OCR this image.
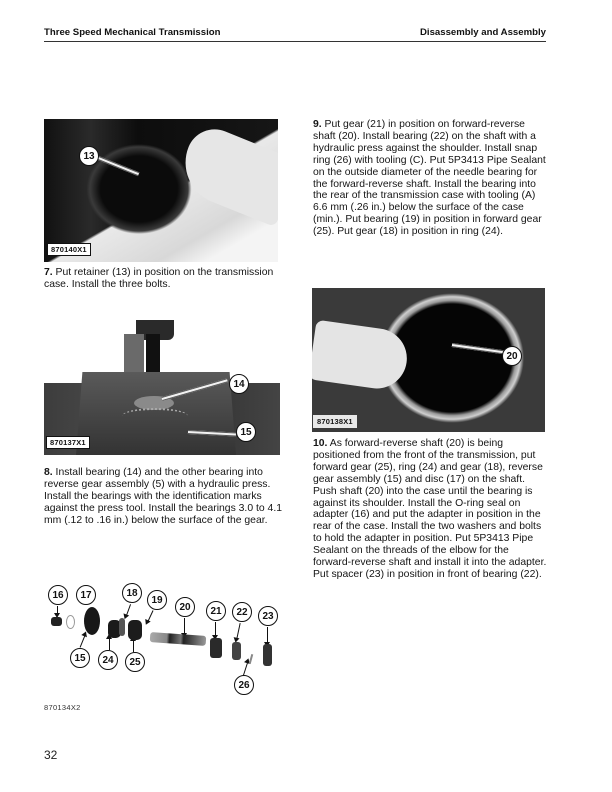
Three Speed Mechanical Transmission	Disassembly and Assembly
13
870140X1
7. Put retainer (13) in position on the transmission case. Install the three bolts.
14
15
870137X1
8. Install bearing (14) and the other bearing into reverse gear assembly (5) with a hydraulic press. Install the bearings with the identification marks against the press tool. Install the bearings 3.0 to 4.1 mm (.12 to .16 in.) below the surface of the gear.
16	17	18
19
20	21	22	23
15	24	25
26
870134X2
9. Put gear (21) in position on forward-reverse shaft (20). Install bearing (22) on the shaft with a hydraulic press against the shoulder. Install snap ring (26) with tooling (C). Put 5P3413 Pipe Sealant on the outside diameter of the needle bearing for the forward-reverse shaft. Install the bearing into the rear of the transmission case with tooling (A) 6.6 mm (.26 in.) below the surface of the case (min.). Put bearing (19) in position in forward gear (25). Put gear (18) in position in ring (24).
20
870138X1
10. As forward-reverse shaft (20) is being positioned from the front of the transmission, put forward gear (25), ring (24) and gear (18), reverse gear assembly (15) and disc (17) on the shaft. Push shaft (20) into the case until the bearing is against its shoulder. Install the O-ring seal on adapter (16) and put the adapter in position in the rear of the case. Install the two washers and bolts to hold the adapter in position. Put 5P3413 Pipe Sealant on the threads of the elbow for the forward-reverse shaft and install it into the adapter. Put spacer (23) in position in front of bearing (22).
32
